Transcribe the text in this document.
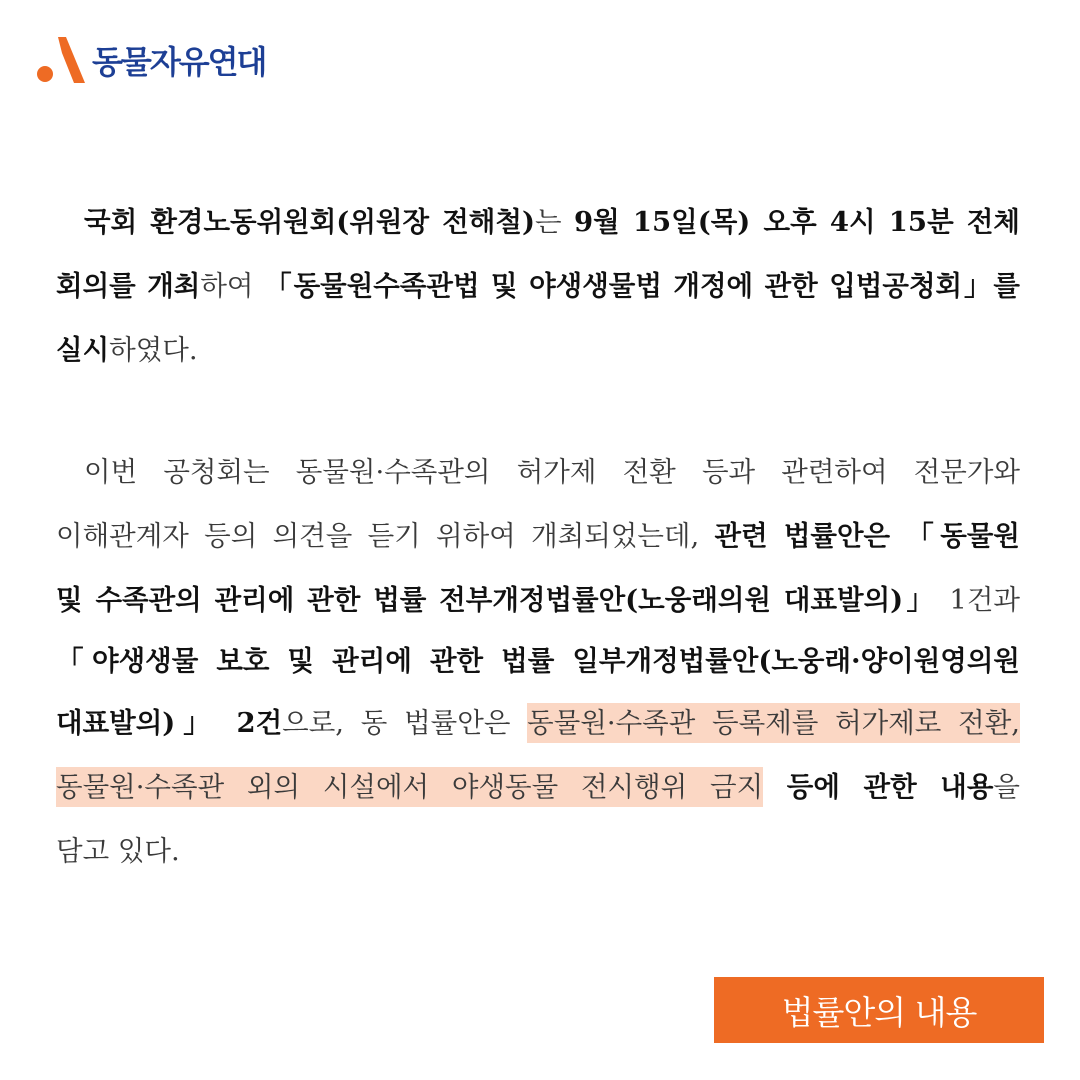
동물자유연대
국회 환경노동위원회(위원장 전해철)는 9월 15일(목) 오후 4시 15분 전체
회의를 개최하여 「동물원수족관법 및 야생생물법 개정에 관한 입법공청회」를
실시하였다.
이번 공청회는 동물원·수족관의 허가제 전환 등과 관련하여 전문가와
이해관계자 등의 의견을 듣기 위하여 개최되었는데, 관련 법률안은 「동물원
및 수족관의 관리에 관한 법률 전부개정법률안(노웅래의원 대표발의)」 1건과
「야생생물 보호 및 관리에 관한 법률 일부개정법률안(노웅래·양이원영의원
대표발의)」 2건으로, 동 법률안은 동물원·수족관 등록제를 허가제로 전환,
동물원·수족관 외의 시설에서 야생동물 전시행위 금지 등에 관한 내용을
담고 있다.
법률안의 내용
